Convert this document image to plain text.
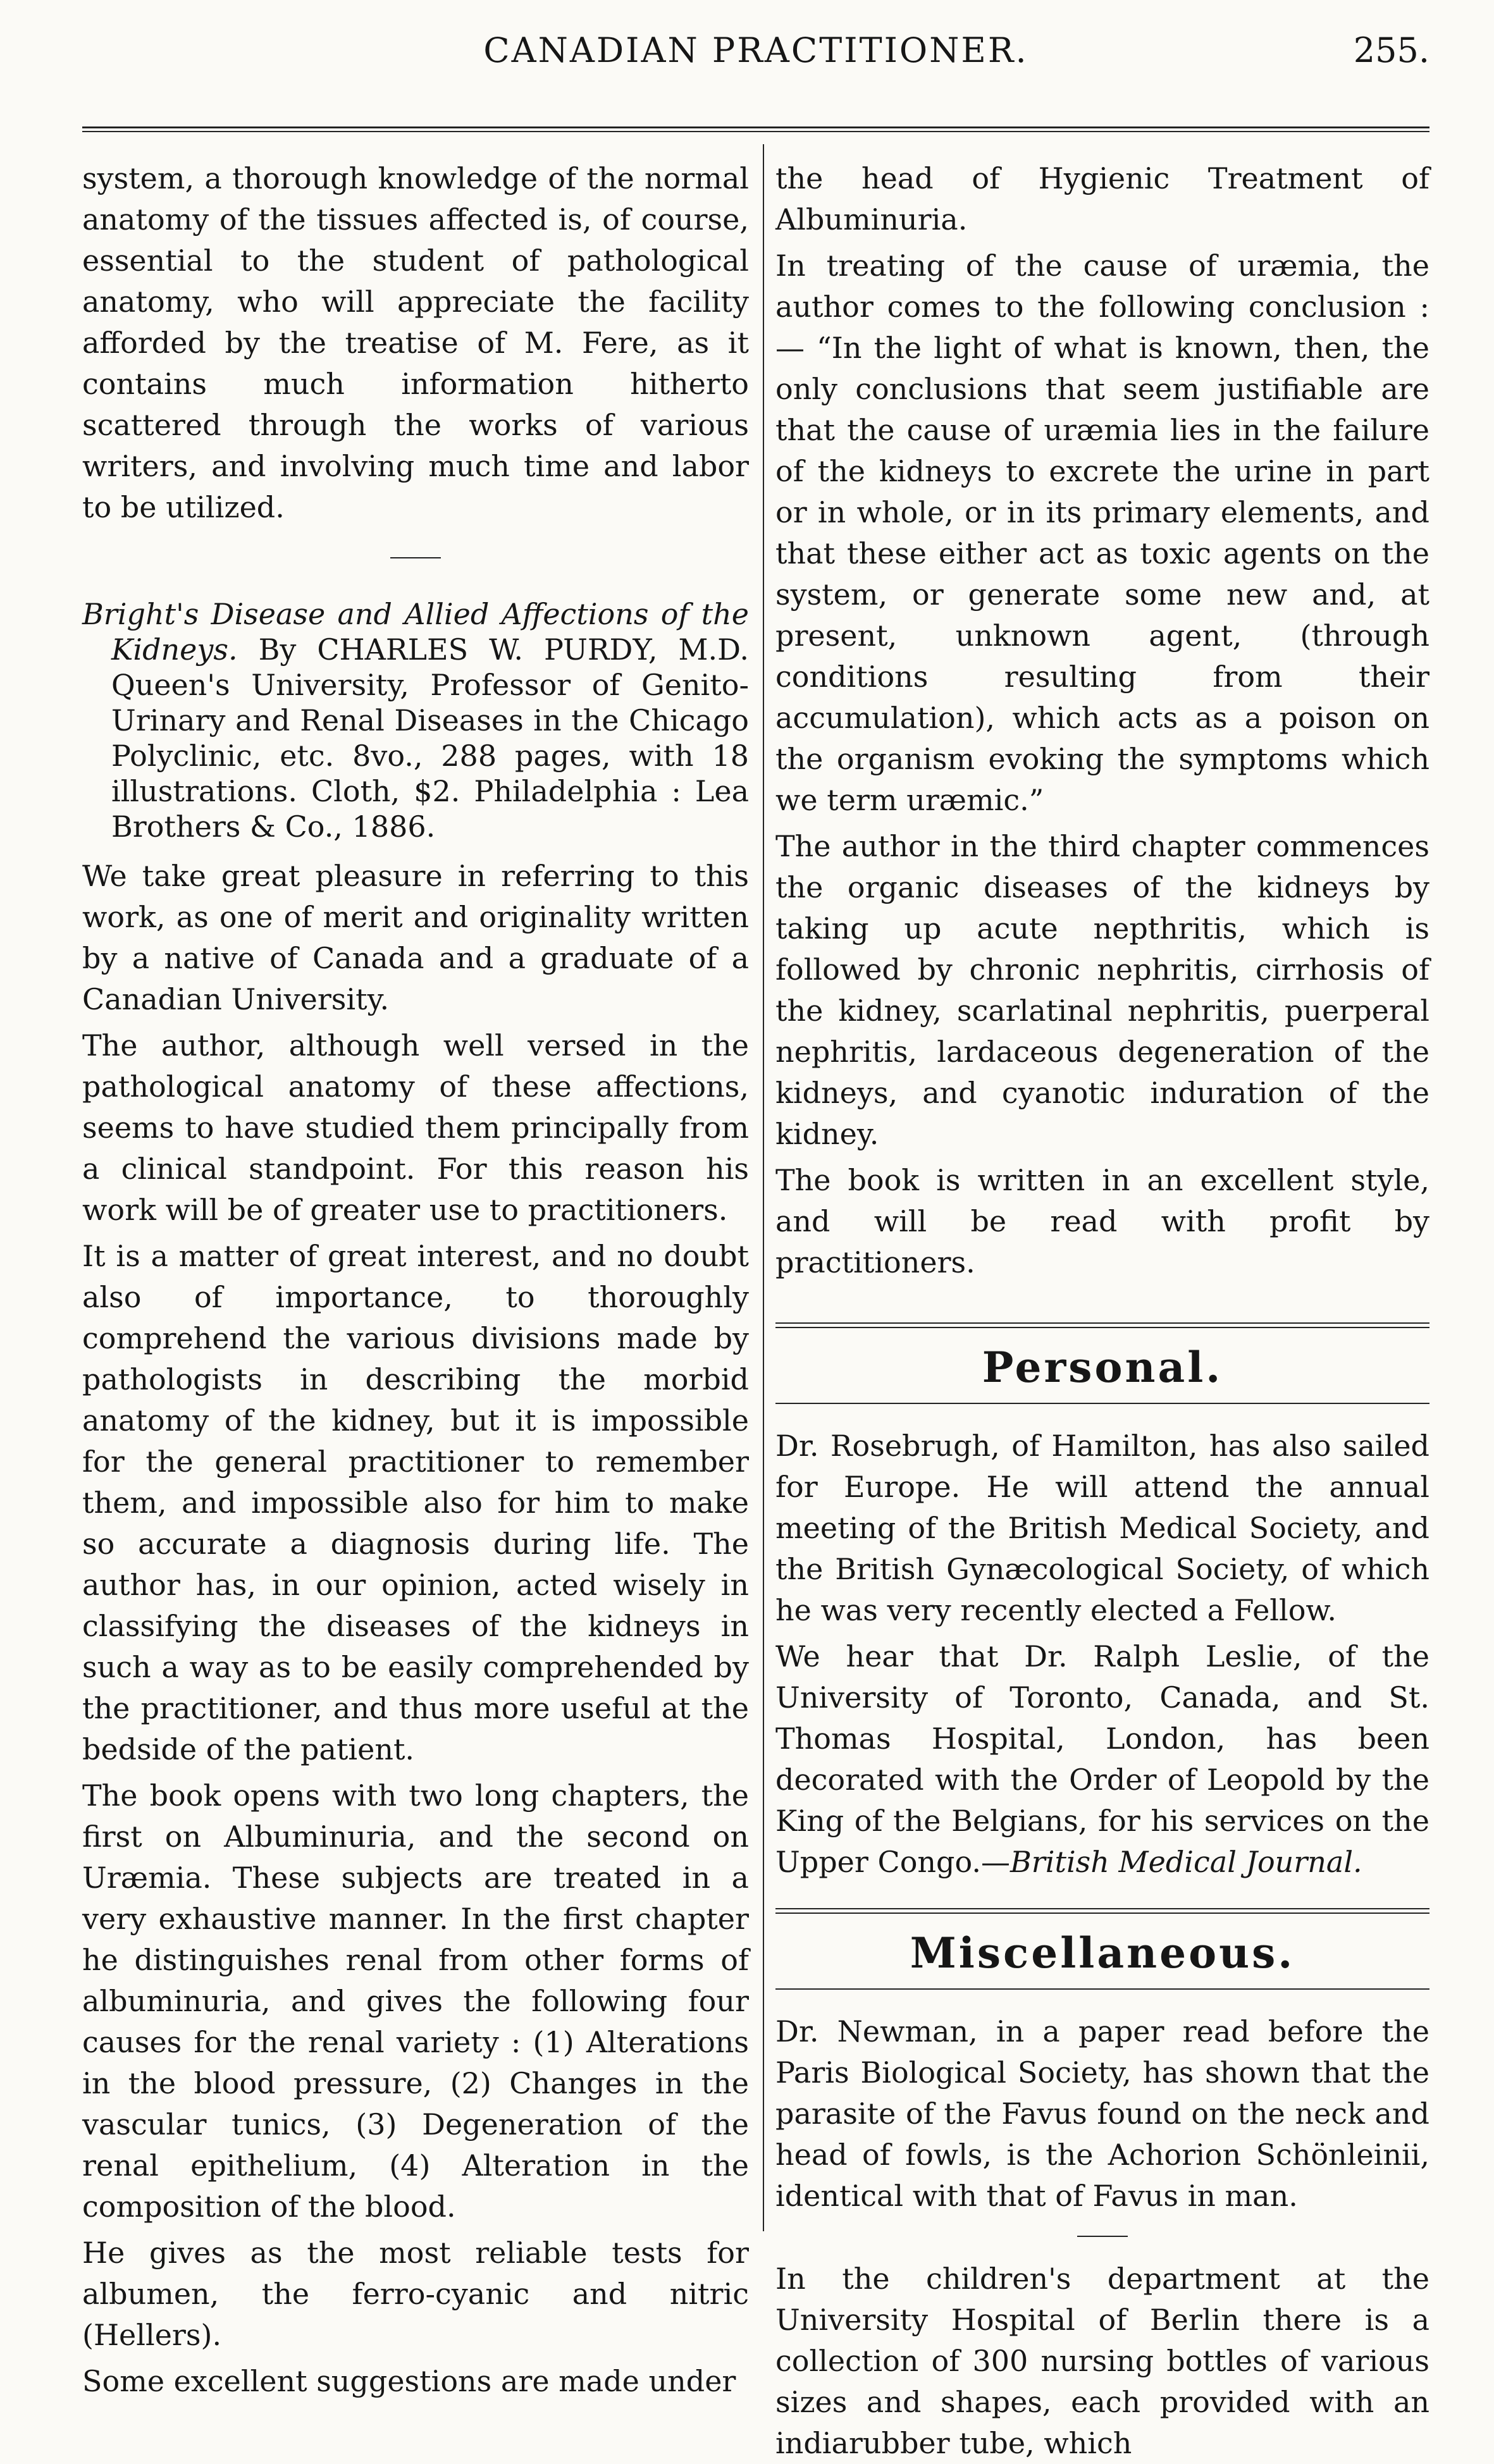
CANADIAN PRACTITIONER.	255.

system, a thorough knowledge of the normal anatomy of the tissues affected is, of course, essential to the student of pathological anatomy, who will appreciate the facility afforded by the treatise of M. Fere, as it contains much information hitherto scattered through the works of various writers, and involving much time and labor to be utilized.

Bright's Disease and Allied Affections of the Kidneys. By CHARLES W. PURDY, M.D. Queen's University, Professor of Genito-Urinary and Renal Diseases in the Chicago Polyclinic, etc. 8vo., 288 pages, with 18 illustrations. Cloth, $2. Philadelphia : Lea Brothers & Co., 1886.

We take great pleasure in referring to this work, as one of merit and originality written by a native of Canada and a graduate of a Canadian University.

The author, although well versed in the pathological anatomy of these affections, seems to have studied them principally from a clinical standpoint. For this reason his work will be of greater use to practitioners.

It is a matter of great interest, and no doubt also of importance, to thoroughly comprehend the various divisions made by pathologists in describing the morbid anatomy of the kidney, but it is impossible for the general practitioner to remember them, and impossible also for him to make so accurate a diagnosis during life. The author has, in our opinion, acted wisely in classifying the diseases of the kidneys in such a way as to be easily comprehended by the practitioner, and thus more useful at the bedside of the patient.

The book opens with two long chapters, the first on Albuminuria, and the second on Uræmia. These subjects are treated in a very exhaustive manner. In the first chapter he distinguishes renal from other forms of albuminuria, and gives the following four causes for the renal variety : (1) Alterations in the blood pressure, (2) Changes in the vascular tunics, (3) Degeneration of the renal epithelium, (4) Alteration in the composition of the blood.

He gives as the most reliable tests for albumen, the ferro-cyanic and nitric (Hellers).

Some excellent suggestions are made under

the head of Hygienic Treatment of Albuminuria.

In treating of the cause of uræmia, the author comes to the following conclusion :— “In the light of what is known, then, the only conclusions that seem justifiable are that the cause of uræmia lies in the failure of the kidneys to excrete the urine in part or in whole, or in its primary elements, and that these either act as toxic agents on the system, or generate some new and, at present, unknown agent, (through conditions resulting from their accumulation), which acts as a poison on the organism evoking the symptoms which we term uræmic.”

The author in the third chapter commences the organic diseases of the kidneys by taking up acute nepthritis, which is followed by chronic nephritis, cirrhosis of the kidney, scarlatinal nephritis, puerperal nephritis, lardaceous degeneration of the kidneys, and cyanotic induration of the kidney.

The book is written in an excellent style, and will be read with profit by practitioners.

Personal.

Dr. Rosebrugh, of Hamilton, has also sailed for Europe. He will attend the annual meeting of the British Medical Society, and the British Gynæcological Society, of which he was very recently elected a Fellow.

We hear that Dr. Ralph Leslie, of the University of Toronto, Canada, and St. Thomas Hospital, London, has been decorated with the Order of Leopold by the King of the Belgians, for his services on the Upper Congo.—British Medical Journal.

Miscellaneous.

Dr. Newman, in a paper read before the Paris Biological Society, has shown that the parasite of the Favus found on the neck and head of fowls, is the Achorion Schönleinii, identical with that of Favus in man.

In the children's department at the University Hospital of Berlin there is a collection of 300 nursing bottles of various sizes and shapes, each provided with an indiarubber tube, which
